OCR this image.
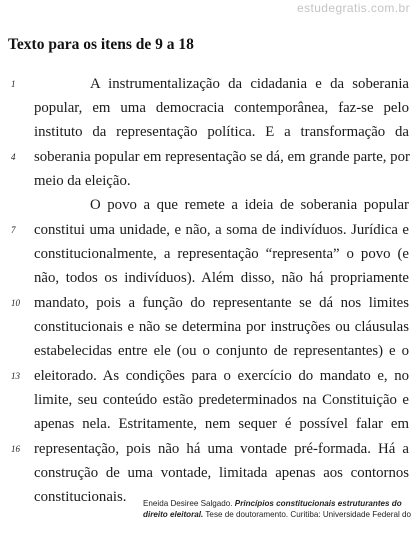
estudegratis.com.br
Texto para os itens de 9 a 18
1
4
7
10
13
16
A instrumentalização da cidadania e da soberania
popular, em uma democracia contemporânea, faz-se pelo
instituto da representação política. E a transformação da
soberania popular em representação se dá, em grande parte, por
meio da eleição.
O povo a que remete a ideia de soberania popular
constitui uma unidade, e não, a soma de indivíduos. Jurídica e
constitucionalmente, a representação “representa” o povo (e
não, todos os indivíduos). Além disso, não há propriamente
mandato, pois a função do representante se dá nos limites
constitucionais e não se determina por instruções ou cláusulas
estabelecidas entre ele (ou o conjunto de representantes) e o
eleitorado. As condições para o exercício do mandato e, no
limite, seu conteúdo estão predeterminados na Constituição e
apenas nela. Estritamente, nem sequer é possível falar em
representação, pois não há uma vontade pré-formada. Há a
construção de uma vontade, limitada apenas aos contornos
constitucionais.	Eneida Desiree Salgado. Princípios constitucionais estruturantes do direito eleitoral. Tese de doutoramento. Curitiba: Universidade Federal do
